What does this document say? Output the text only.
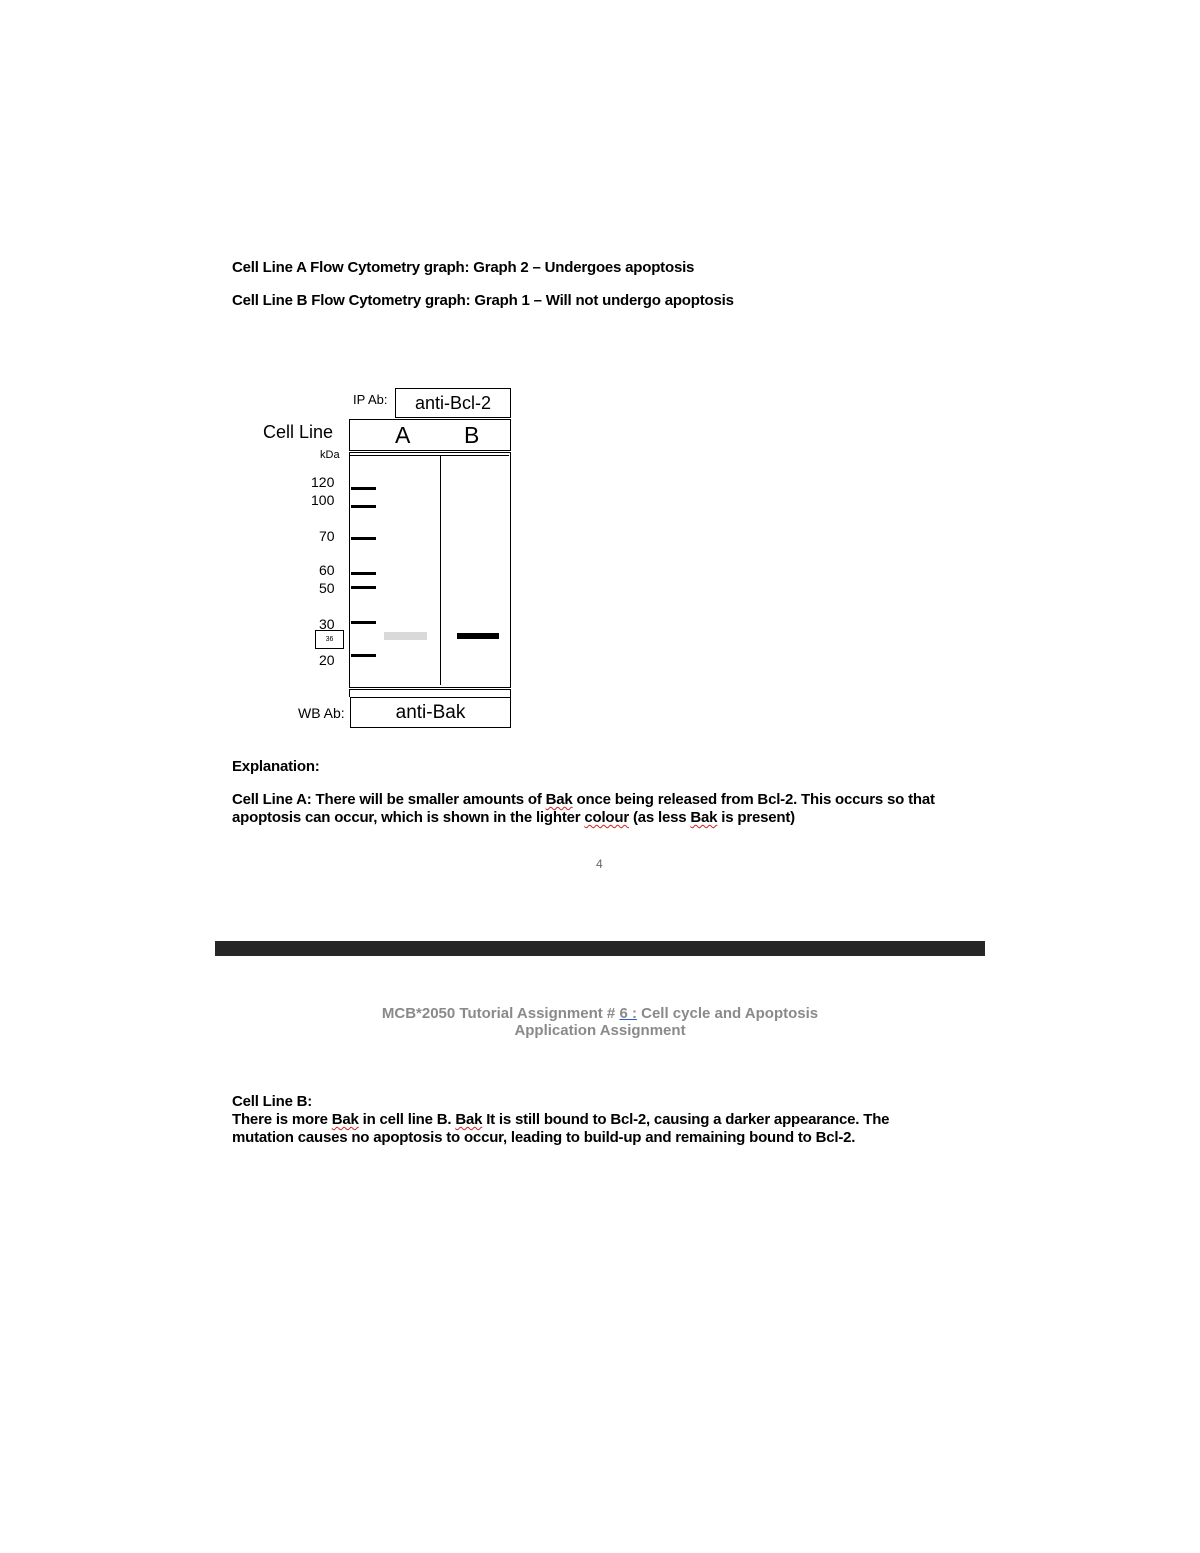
Cell Line A Flow Cytometry graph: Graph 2 – Undergoes apoptosis
Cell Line B Flow Cytometry graph: Graph 1 – Will not undergo apoptosis
IP Ab:	anti-Bcl-2
Cell Line	A B
kDa
120
100
70
60
50
30
36
20
WB Ab:	anti-Bak
Explanation:
Cell Line A: There will be smaller amounts of Bak once being released from Bcl-2. This occurs so that apoptosis can occur, which is shown in the lighter colour (as less Bak is present)
4
MCB*2050 Tutorial Assignment # 6 : Cell cycle and Apoptosis
Application Assignment
Cell Line B:
There is more Bak in cell line B. Bak It is still bound to Bcl-2, causing a darker appearance. The mutation causes no apoptosis to occur, leading to build-up and remaining bound to Bcl-2.
